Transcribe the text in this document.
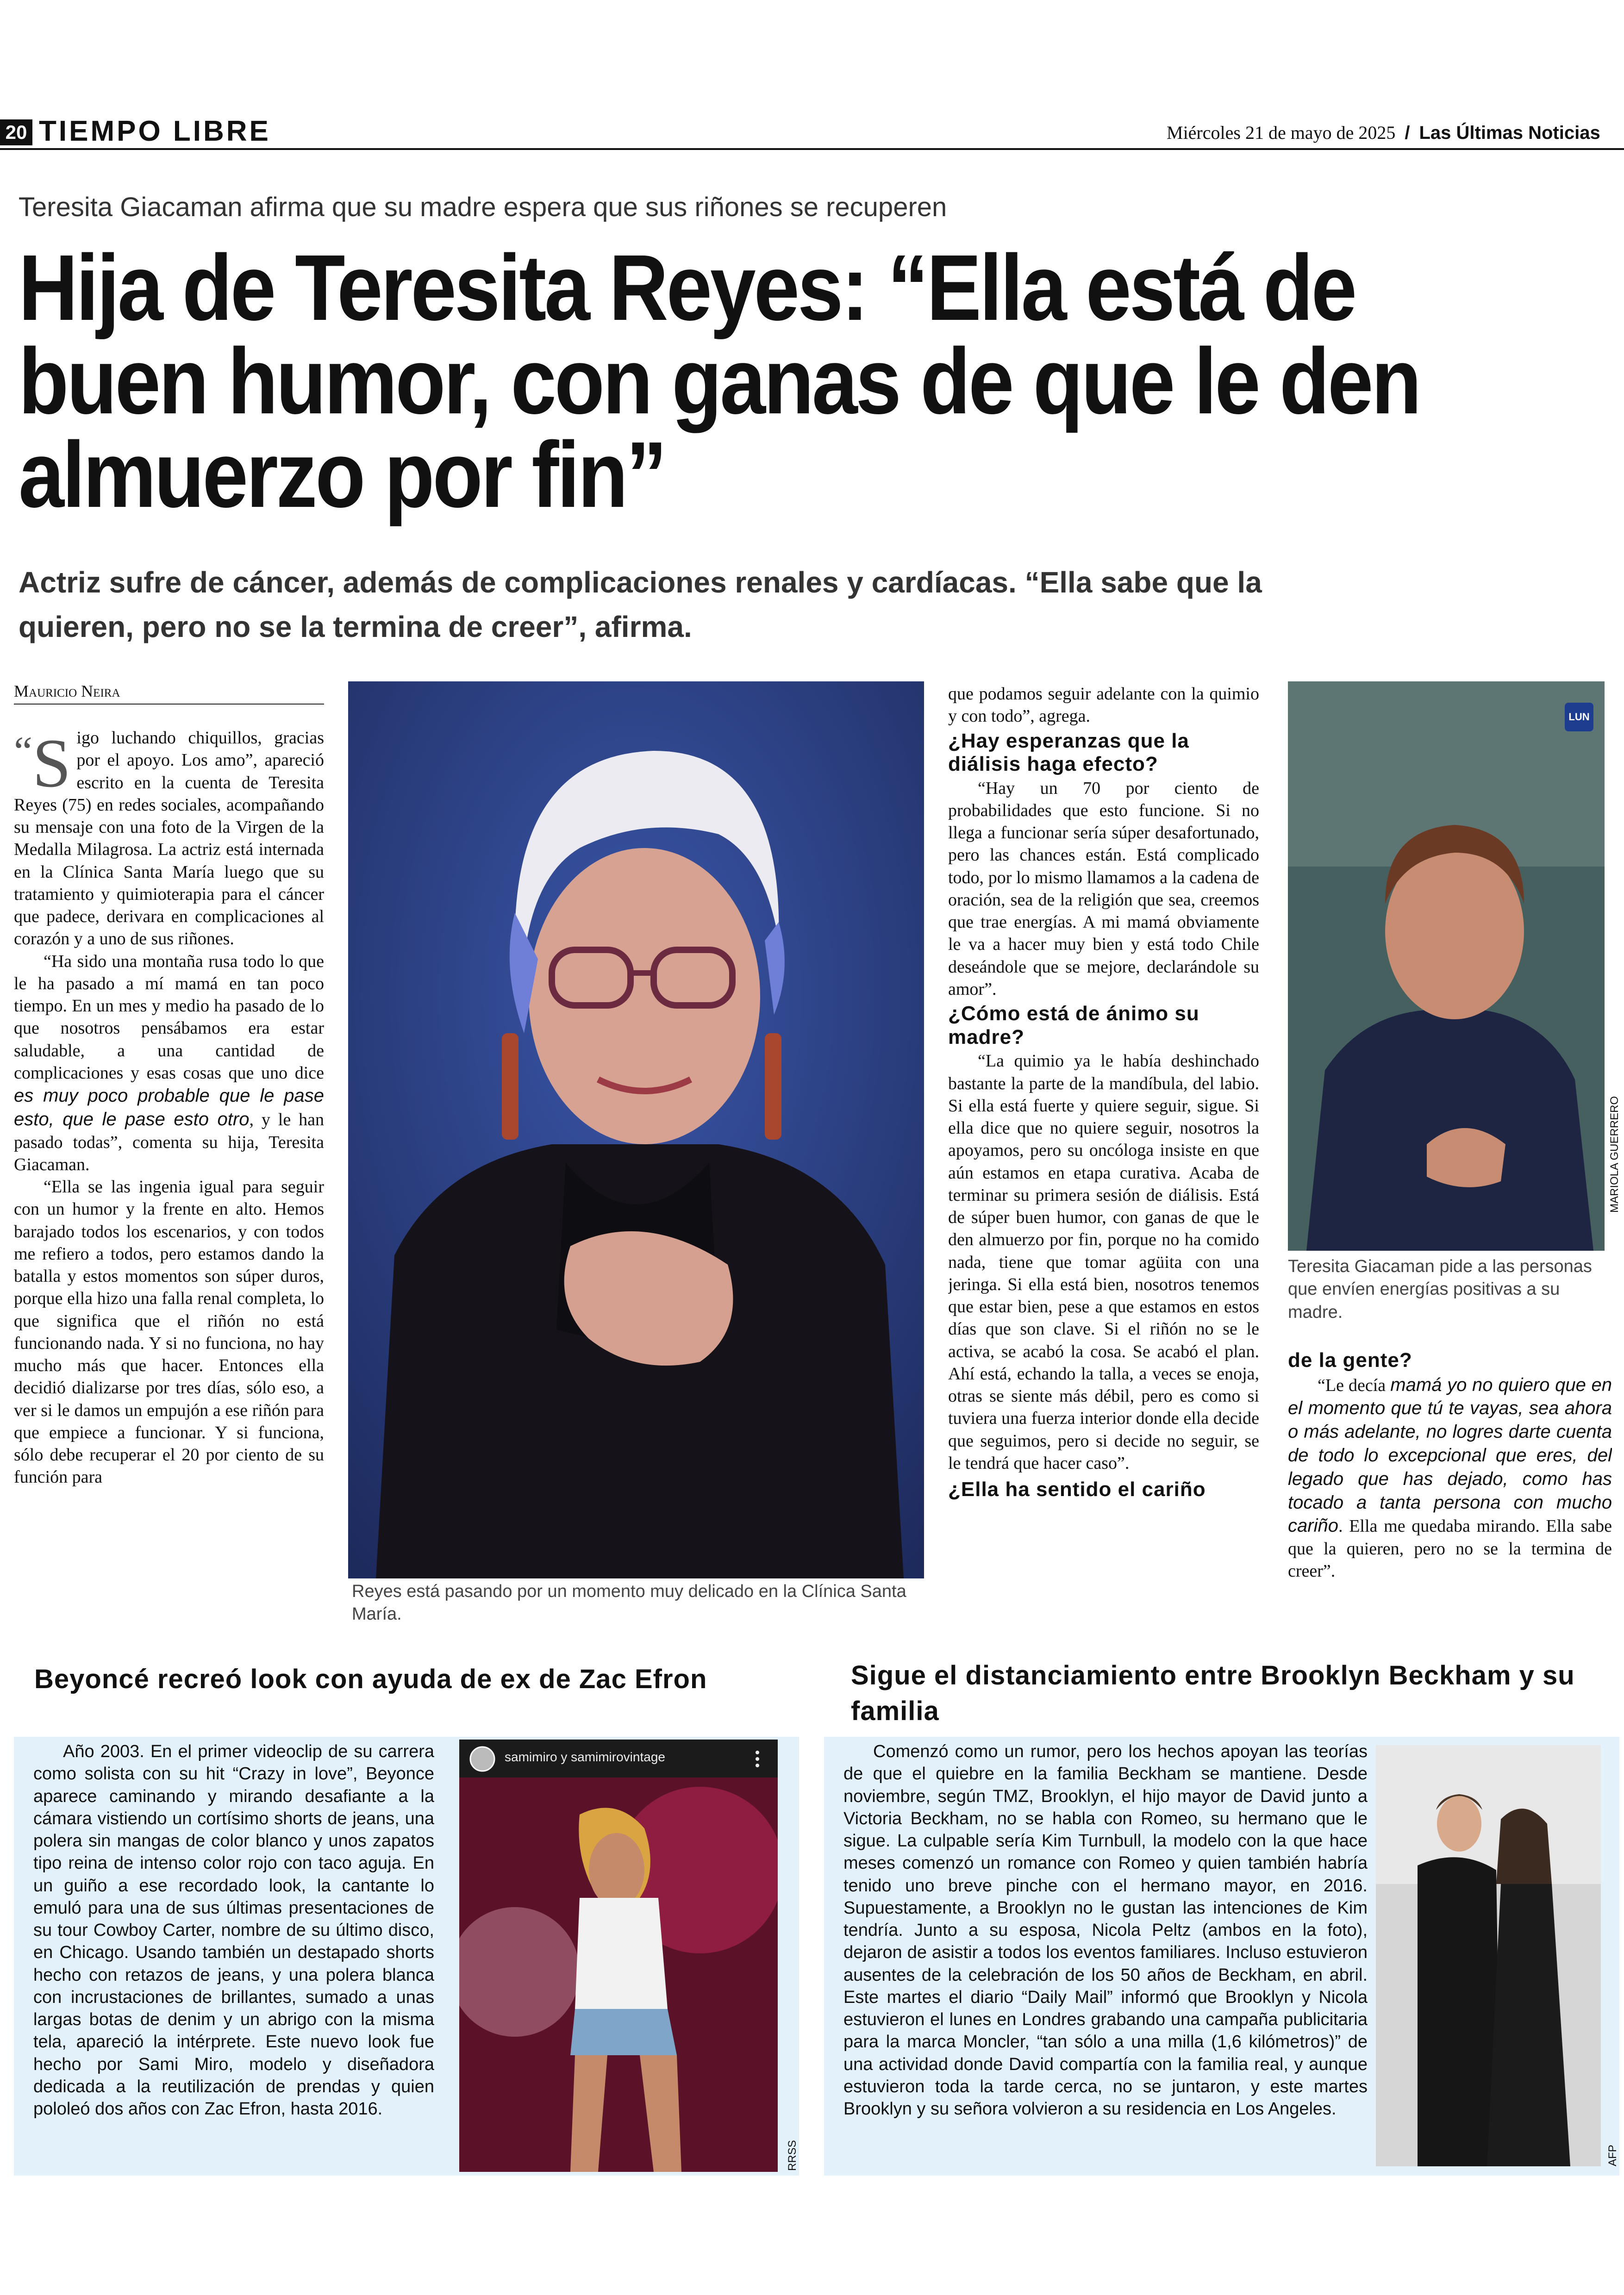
20 TIEMPO LIBRE	Miércoles 21 de mayo de 2025 / Las Últimas Noticias
Teresita Giacaman afirma que su madre espera que sus riñones se recuperen
Hija de Teresita Reyes: “Ella está de
buen humor, con ganas de que le den
almuerzo por fin”
Actriz sufre de cáncer, además de complicaciones renales y cardíacas. “Ella sabe que la quieren, pero no se la termina de creer”, afirma.
Mauricio Neira

“S igo luchando chiquillos, gracias por el apoyo. Los amo”, apareció escrito en la cuenta de Teresita Reyes (75) en redes sociales, acompañando su mensaje con una foto de la Virgen de la Medalla Milagrosa. La actriz está internada en la Clínica Santa María luego que su tratamiento y quimioterapia para el cáncer que padece, derivara en complicaciones al corazón y a uno de sus riñones.

“Ha sido una montaña rusa todo lo que le ha pasado a mí mamá en tan poco tiempo. En un mes y medio ha pasado de lo que nosotros pensábamos era estar saludable, a una cantidad de complicaciones y esas cosas que uno dice es muy poco probable que le pase esto, que le pase esto otro, y le han pasado todas”, comenta su hija, Teresita Giacaman.

“Ella se las ingenia igual para seguir con un humor y la frente en alto. Hemos barajado todos los escenarios, y con todos me refiero a todos, pero estamos dando la batalla y estos momentos son súper duros, porque ella hizo una falla renal completa, lo que significa que el riñón no está funcionando nada. Y si no funciona, no hay mucho más que hacer. Entonces ella decidió dializarse por tres días, sólo eso, a ver si le damos un empujón a ese riñón para que empiece a funcionar. Y si funciona, sólo debe recuperar el 20 por ciento de su función para

Reyes está pasando por un momento muy delicado en la Clínica Santa María.

que podamos seguir adelante con la quimio y con todo”, agrega.

¿Hay esperanzas que la diálisis haga efecto?

“Hay un 70 por ciento de probabilidades que esto funcione. Si no llega a funcionar sería súper desafortunado, pero las chances están. Está complicado todo, por lo mismo llamamos a la cadena de oración, sea de la religión que sea, creemos que trae energías. A mi mamá obviamente le va a hacer muy bien y está todo Chile deseándole que se mejore, declarándole su amor”.

¿Cómo está de ánimo su madre?

“La quimio ya le había deshinchado bastante la parte de la mandíbula, del labio. Si ella está fuerte y quiere seguir, sigue. Si ella dice que no quiere seguir, nosotros la apoyamos, pero su oncóloga insiste en que aún estamos en etapa curativa. Acaba de terminar su primera sesión de diálisis. Está de súper buen humor, con ganas de que le den almuerzo por fin, porque no ha comido nada, tiene que tomar agüita con una jeringa. Si ella está bien, nosotros tenemos que estar bien, pese a que estamos en estos días que son clave. Si el riñón no se le activa, se acabó la cosa. Se acabó el plan. Ahí está, echando la talla, a veces se enoja, otras se siente más débil, pero es como si tuviera una fuerza interior donde ella decide que seguimos, pero si decide no seguir, se le tendrá que hacer caso”.

¿Ella ha sentido el cariño
LUN
MARIOLA GUERRERO
Teresita Giacaman pide a las personas que envíen energías positivas a su madre.
de la gente?

“Le decía mamá yo no quiero que en el momento que tú te vayas, sea ahora o más adelante, no logres darte cuenta de todo lo excepcional que eres, del legado que has dejado, como has tocado a tanta persona con mucho cariño. Ella me quedaba mirando. Ella sabe que la quieren, pero no se la termina de creer”.

Beyoncé recreó look con ayuda de ex de Zac Efron
Año 2003. En el primer videoclip de su carrera como solista con su hit “Crazy in love”, Beyonce aparece caminando y mirando desafiante a la cámara vistiendo un cortísimo shorts de jeans, una polera sin mangas de color blanco y unos zapatos tipo reina de intenso color rojo con taco aguja. En un guiño a ese recordado look, la cantante lo emuló para una de sus últimas presentaciones de su tour Cowboy Carter, nombre de su último disco, en Chicago. Usando también un destapado shorts hecho con retazos de jeans, y una polera blanca con incrustaciones de brillantes, sumado a unas largas botas de denim y un abrigo con la misma tela, apareció la intérprete. Este nuevo look fue hecho por Sami Miro, modelo y diseñadora dedicada a la reutilización de prendas y quien pololeó dos años con Zac Efron, hasta 2016.
samimiro y samimirovintage
RRSS
Sigue el distanciamiento entre Brooklyn Beckham y su familia
Comenzó como un rumor, pero los hechos apoyan las teorías de que el quiebre en la familia Beckham se mantiene. Desde noviembre, según TMZ, Brooklyn, el hijo mayor de David junto a Victoria Beckham, no se habla con Romeo, su hermano que le sigue. La culpable sería Kim Turnbull, la modelo con la que hace meses comenzó un romance con Romeo y quien también habría tenido uno breve pinche con el hermano mayor, en 2016. Supuestamente, a Brooklyn no le gustan las intenciones de Kim tendría. Junto a su esposa, Nicola Peltz (ambos en la foto), dejaron de asistir a todos los eventos familiares. Incluso estuvieron ausentes de la celebración de los 50 años de Beckham, en abril. Este martes el diario “Daily Mail” informó que Brooklyn y Nicola estuvieron el lunes en Londres grabando una campaña publicitaria para la marca Moncler, “tan sólo a una milla (1,6 kilómetros)” de una actividad donde David compartía con la familia real, y aunque estuvieron toda la tarde cerca, no se juntaron, y este martes Brooklyn y su señora volvieron a su residencia en Los Angeles.
AFP
